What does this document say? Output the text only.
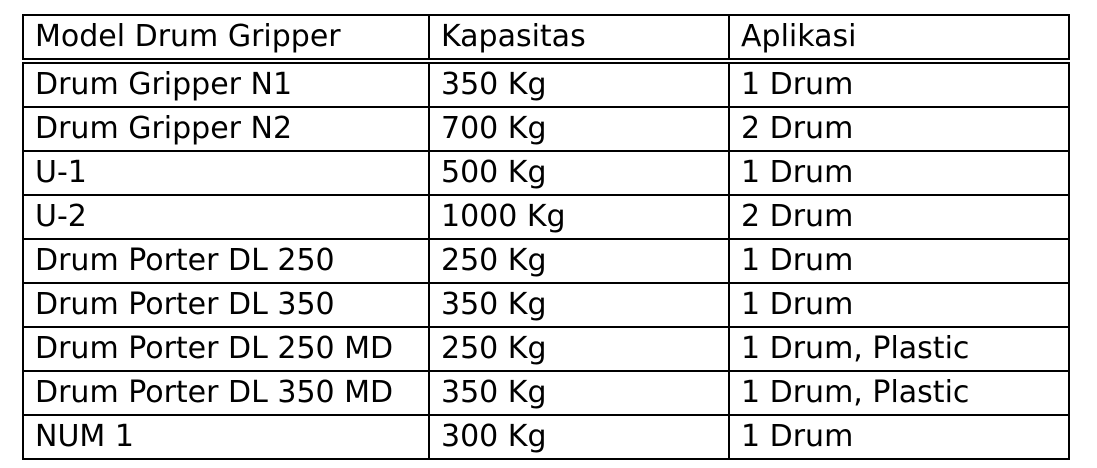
Model Drum Gripper	Kapasitas	Aplikasi
Drum Gripper N1	350 Kg	1 Drum
Drum Gripper N2	700 Kg	2 Drum
U-1	500 Kg	1 Drum
U-2	1000 Kg	2 Drum
Drum Porter DL 250	250 Kg	1 Drum
Drum Porter DL 350	350 Kg	1 Drum
Drum Porter DL 250 MD	250 Kg	1 Drum, Plastic
Drum Porter DL 350 MD	350 Kg	1 Drum, Plastic
NUM 1	300 Kg	1 Drum
